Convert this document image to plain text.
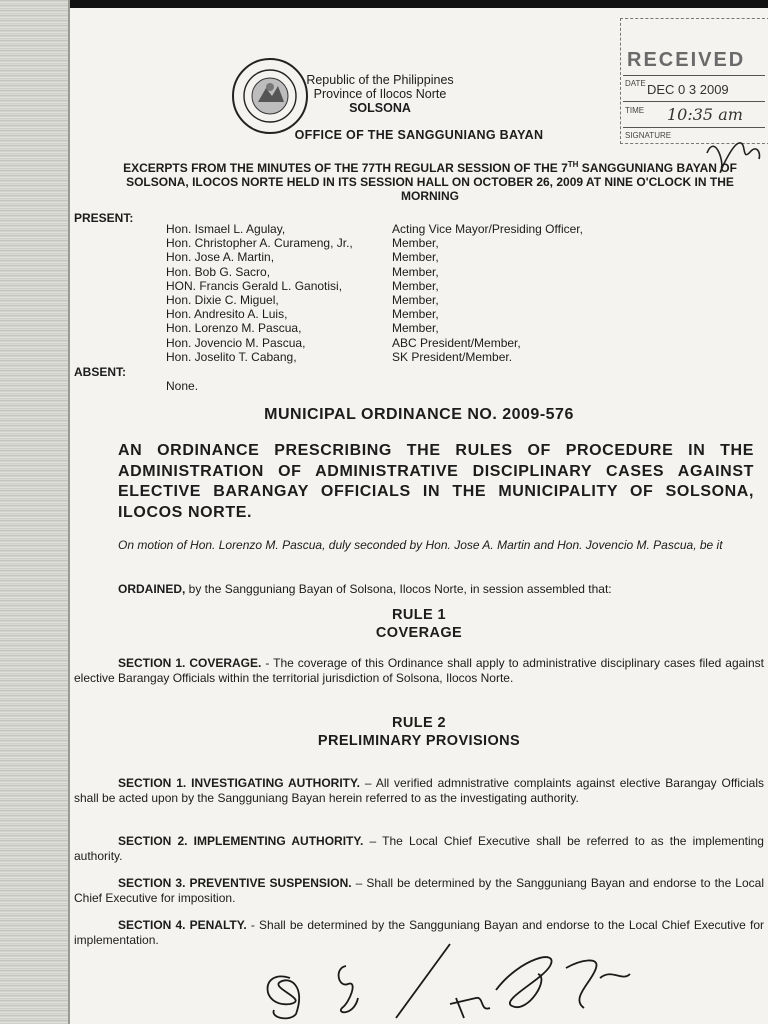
Republic of the Philippines
Province of Ilocos Norte
SOLSONA
OFFICE OF THE SANGGUNIANG BAYAN
RECEIVED
DATE DEC 0 3 2009
TIME 10:35 am
SIGNATURE
EXCERPTS FROM THE MINUTES OF THE 77TH REGULAR SESSION OF THE 7TH SANGGUNIANG BAYAN OF SOLSONA, ILOCOS NORTE HELD IN ITS SESSION HALL ON OCTOBER 26, 2009 AT NINE O'CLOCK IN THE MORNING
PRESENT:
Hon. Ismael L. Agulay,	Acting Vice Mayor/Presiding Officer,
Hon. Christopher A. Curameng, Jr.,	Member,
Hon. Jose A. Martin,	Member,
Hon. Bob G. Sacro,	Member,
HON. Francis Gerald L. Ganotisi,	Member,
Hon. Dixie C. Miguel,	Member,
Hon. Andresito A. Luis,	Member,
Hon. Lorenzo M. Pascua,	Member,
Hon. Jovencio M. Pascua,	ABC President/Member,
Hon. Joselito T. Cabang,	SK President/Member.
ABSENT:
None.
MUNICIPAL ORDINANCE NO. 2009-576
AN ORDINANCE PRESCRIBING THE RULES OF PROCEDURE IN THE ADMINISTRATION OF ADMINISTRATIVE DISCIPLINARY CASES AGAINST ELECTIVE BARANGAY OFFICIALS IN THE MUNICIPALITY OF SOLSONA, ILOCOS NORTE.
On motion of Hon. Lorenzo M. Pascua, duly seconded by Hon. Jose A. Martin and Hon. Jovencio M. Pascua, be it
ORDAINED, by the Sangguniang Bayan of Solsona, Ilocos Norte, in session assembled that:
RULE 1
COVERAGE
SECTION 1. COVERAGE. - The coverage of this Ordinance shall apply to administrative disciplinary cases filed against elective Barangay Officials within the territorial jurisdiction of Solsona, Ilocos Norte.
RULE 2
PRELIMINARY PROVISIONS
SECTION 1. INVESTIGATING AUTHORITY. – All verified admnistrative complaints against elective Barangay Officials shall be acted upon by the Sangguniang Bayan herein referred to as the investigating authority.
SECTION 2. IMPLEMENTING AUTHORITY. – The Local Chief Executive shall be referred to as the implementing authority.
SECTION 3. PREVENTIVE SUSPENSION. – Shall be determined by the Sangguniang Bayan and endorse to the Local Chief Executive for imposition.
SECTION 4. PENALTY. - Shall be determined by the Sangguniang Bayan and endorse to the Local Chief Executive for implementation.
